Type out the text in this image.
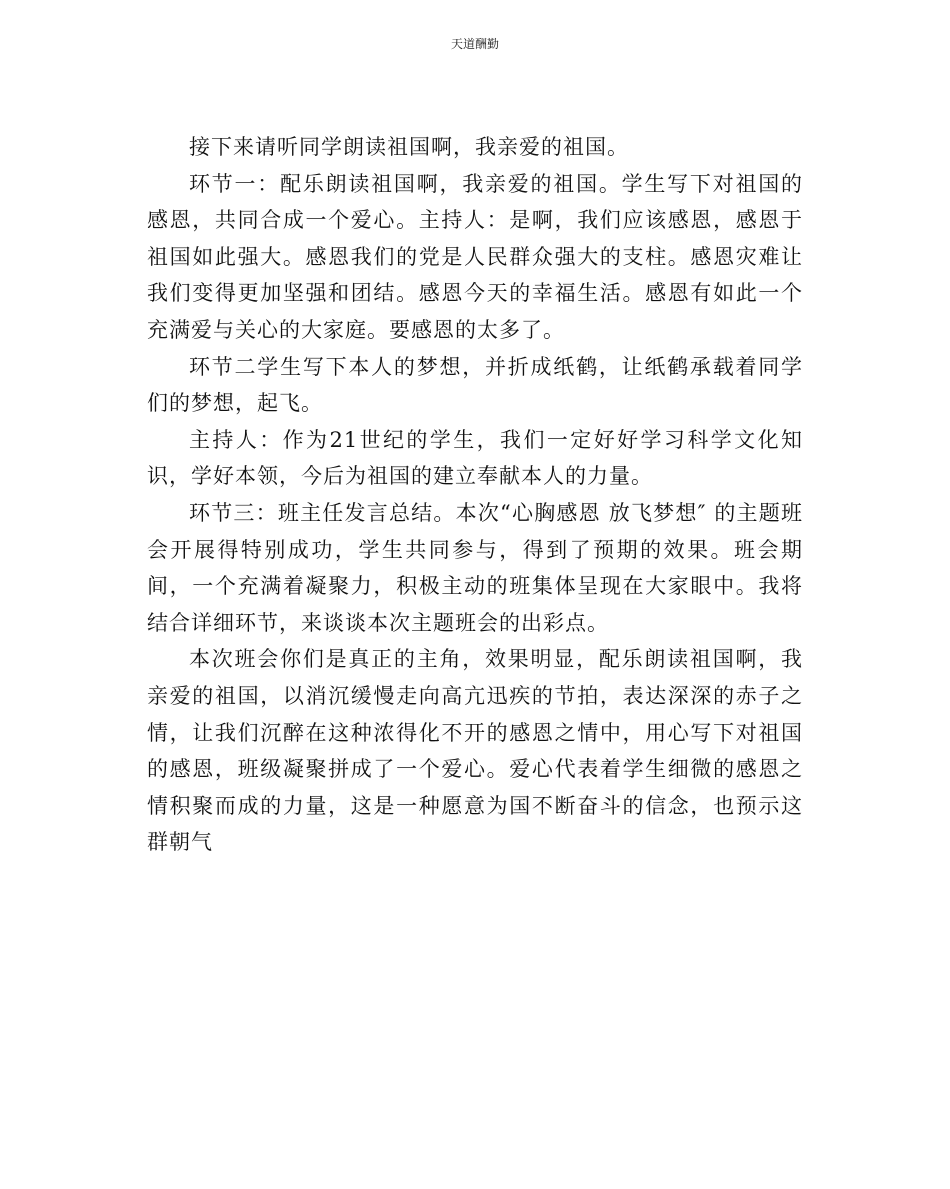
天道酬勤

接下来请听同学朗读祖国啊，我亲爱的祖国。

环节一：配乐朗读祖国啊，我亲爱的祖国。学生写下对祖国的感恩，共同合成一个爱心。主持人：是啊，我们应该感恩，感恩于祖国如此强大。感恩我们的党是人民群众强大的支柱。感恩灾难让我们变得更加坚强和团结。感恩今天的幸福生活。感恩有如此一个充满爱与关心的大家庭。要感恩的太多了。

环节二学生写下本人的梦想，并折成纸鹤，让纸鹤承载着同学们的梦想，起飞。

主持人：作为21世纪的学生，我们一定好好学习科学文化知识，学好本领，今后为祖国的建立奉献本人的力量。

环节三：班主任发言总结。本次“心胸感恩 放飞梦想″ 的主题班会开展得特别成功，学生共同参与，得到了预期的效果。班会期间，一个充满着凝聚力，积极主动的班集体呈现在大家眼中。我将结合详细环节，来谈谈本次主题班会的出彩点。

本次班会你们是真正的主角，效果明显，配乐朗读祖国啊，我亲爱的祖国，以消沉缓慢走向高亢迅疾的节拍，表达深深的赤子之情，让我们沉醉在这种浓得化不开的感恩之情中，用心写下对祖国的感恩，班级凝聚拼成了一个爱心。爱心代表着学生细微的感恩之情积聚而成的力量，这是一种愿意为国不断奋斗的信念，也预示这群朝气
